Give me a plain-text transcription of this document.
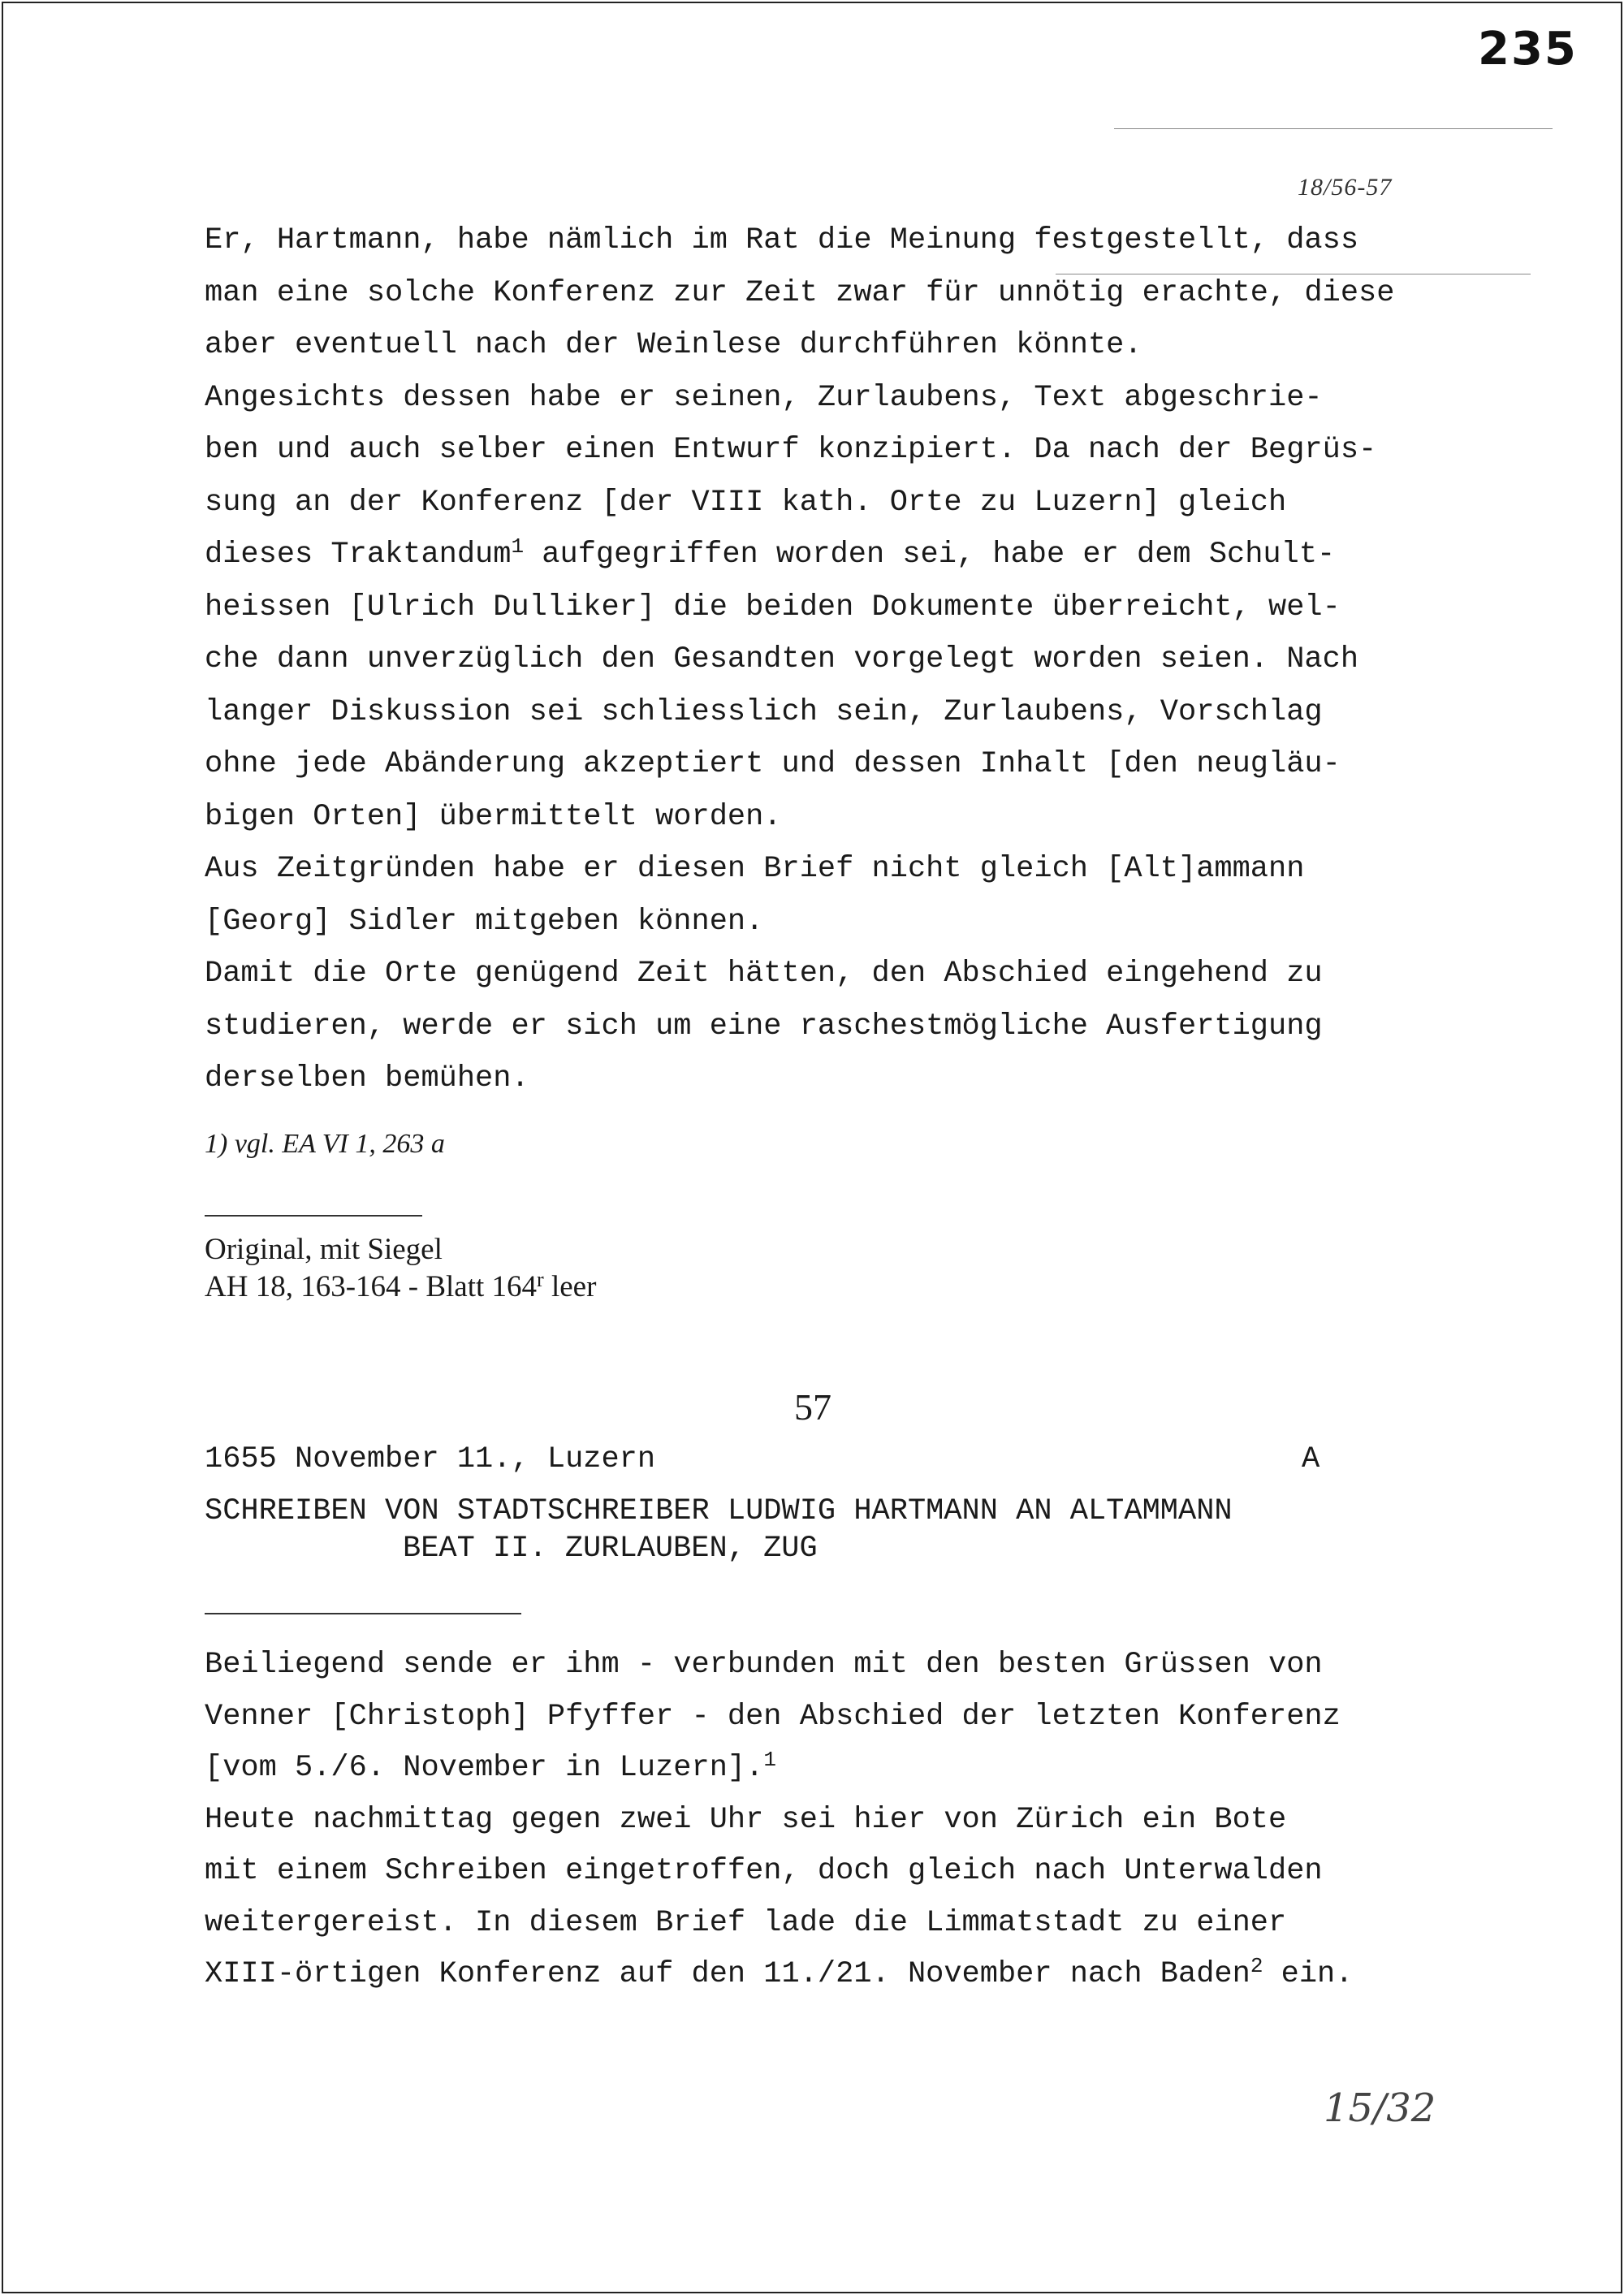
235
18/56-57
Er, Hartmann, habe nämlich im Rat die Meinung festgestellt, dass
man eine solche Konferenz zur Zeit zwar für unnötig erachte, diese
aber eventuell nach der Weinlese durchführen könnte.
Angesichts dessen habe er seinen, Zurlaubens, Text abgeschrie-
ben und auch selber einen Entwurf konzipiert. Da nach der Begrüs-
sung an der Konferenz [der VIII kath. Orte zu Luzern] gleich
dieses Traktandum$^1$ aufgegriffen worden sei, habe er dem Schult-
heissen [Ulrich Dulliker] die beiden Dokumente überreicht, wel-
che dann unverzüglich den Gesandten vorgelegt worden seien. Nach
langer Diskussion sei schliesslich sein, Zurlaubens, Vorschlag
ohne jede Abänderung akzeptiert und dessen Inhalt [den neugläu-
bigen Orten] übermittelt worden.
Aus Zeitgründen habe er diesen Brief nicht gleich [Alt]ammann
[Georg] Sidler mitgeben können.
Damit die Orte genügend Zeit hätten, den Abschied eingehend zu
studieren, werde er sich um eine raschestmögliche Ausfertigung
derselben bemühen.
1) vgl. EA VI 1, 263 a
Original, mit Siegel
AH 18, 163-164 - Blatt 164$^r$ leer
57
1655 November 11., Luzern	A
SCHREIBEN VON STADTSCHREIBER LUDWIG HARTMANN AN ALTAMMANN
BEAT II. ZURLAUBEN, ZUG
Beiliegend sende er ihm - verbunden mit den besten Grüssen von
Venner [Christoph] Pfyffer - den Abschied der letzten Konferenz
[vom 5./6. November in Luzern].$^1$
Heute nachmittag gegen zwei Uhr sei hier von Zürich ein Bote
mit einem Schreiben eingetroffen, doch gleich nach Unterwalden
weitergereist. In diesem Brief lade die Limmatstadt zu einer
XIII-örtigen Konferenz auf den 11./21. November nach Baden$^2$ ein.
15/32
